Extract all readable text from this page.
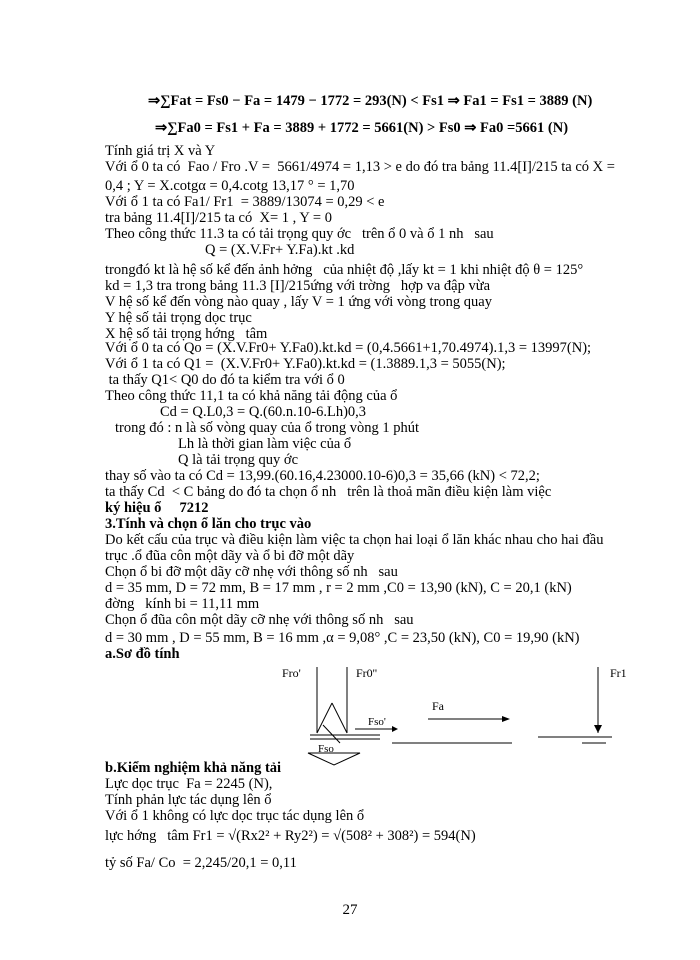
⇒∑Fat = Fs0 − Fa = 1479 − 1772 = 293(N) < Fs1 ⇒ Fa1 = Fs1 = 3889 (N)
⇒∑Fa0 = Fs1 + Fa = 3889 + 1772 = 5661(N) > Fs0 ⇒ Fa0 =5661 (N)
Tính giá trị X và Y
Với ổ 0 ta có  Fao / Fro .V =  5661/4974 = 1,13 > e do đó tra bảng 11.4[I]/215 ta có X =
0,4 ; Y = X.cotgα = 0,4.cotg 13,17 ° = 1,70
Với ổ 1 ta có Fa1/ Fr1  = 3889/13074 = 0,29 < e
tra bảng 11.4[I]/215 ta có  X= 1 , Y = 0
Theo công thức 11.3 ta có tải trọng quy ớc   trên ổ 0 và ổ 1 nh   sau
Q = (X.V.Fr+ Y.Fa).kt .kd
trongđó kt là hệ số kể đến ảnh hởng   của nhiệt độ ,lấy kt = 1 khi nhiệt độ θ = 125°
kd = 1,3 tra trong bảng 11.3 [I]/215ứng với trờng   hợp va đập vừa
V hệ số kể đến vòng nào quay , lấy V = 1 ứng với vòng trong quay
Y hệ số tải trọng dọc trục
X hệ số tải trọng hớng   tâm
Với ổ 0 ta có Qo = (X.V.Fr0+ Y.Fa0).kt.kd = (0,4.5661+1,70.4974).1,3 = 13997(N);
Với ổ 1 ta có Q1 =  (X.V.Fr0+ Y.Fa0).kt.kd = (1.3889.1,3 = 5055(N);
ta thấy Q1< Q0 do đó ta kiểm tra với ổ 0
Theo công thức 11,1 ta có khả năng tải động của ổ
Cd = Q.L0,3 = Q.(60.n.10-6.Lh)0,3
trong đó : n là số vòng quay của ổ trong vòng 1 phút
Lh là thời gian làm việc của ổ
Q là tải trọng quy ớc
thay số vào ta có Cd = 13,99.(60.16,4.23000.10-6)0,3 = 35,66 (kN) < 72,2;
ta thấy Cd  < C bảng do đó ta chọn ổ nh   trên là thoả mãn điều kiện làm việc
ký hiệu ổ     7212
3.Tính và chọn ổ lăn cho trục vào
Do kết cấu của trục và điều kiện làm việc ta chọn hai loại ổ lăn khác nhau cho hai đầu
trục .ổ đũa côn một dãy và ổ bi đỡ một dãy
Chọn ổ bi đỡ một dãy cỡ nhẹ với thông số nh   sau
d = 35 mm, D = 72 mm, B = 17 mm , r = 2 mm ,C0 = 13,90 (kN), C = 20,1 (kN)
đờng   kính bi = 11,11 mm
Chọn ổ đũa côn một dãy cỡ nhẹ với thông số nh   sau
d = 30 mm , D = 55 mm, B = 16 mm ,α = 9,08° ,C = 23,50 (kN), C0 = 19,90 (kN)
a.Sơ đồ tính
Fro'	Fr0''
Fa
Fso'
Fso
Fr1
b.Kiểm nghiệm khả năng tải
Lực dọc trục  Fa = 2245 (N),
Tính phản lực tác dụng lên ổ
Với ổ 1 không có lực dọc trục tác dụng lên ổ
lực hớng   tâm Fr1 = √(Rx2² + Ry2²) = √(508² + 308²) = 594(N)
tỷ số Fa/ Co  = 2,245/20,1 = 0,11
27
